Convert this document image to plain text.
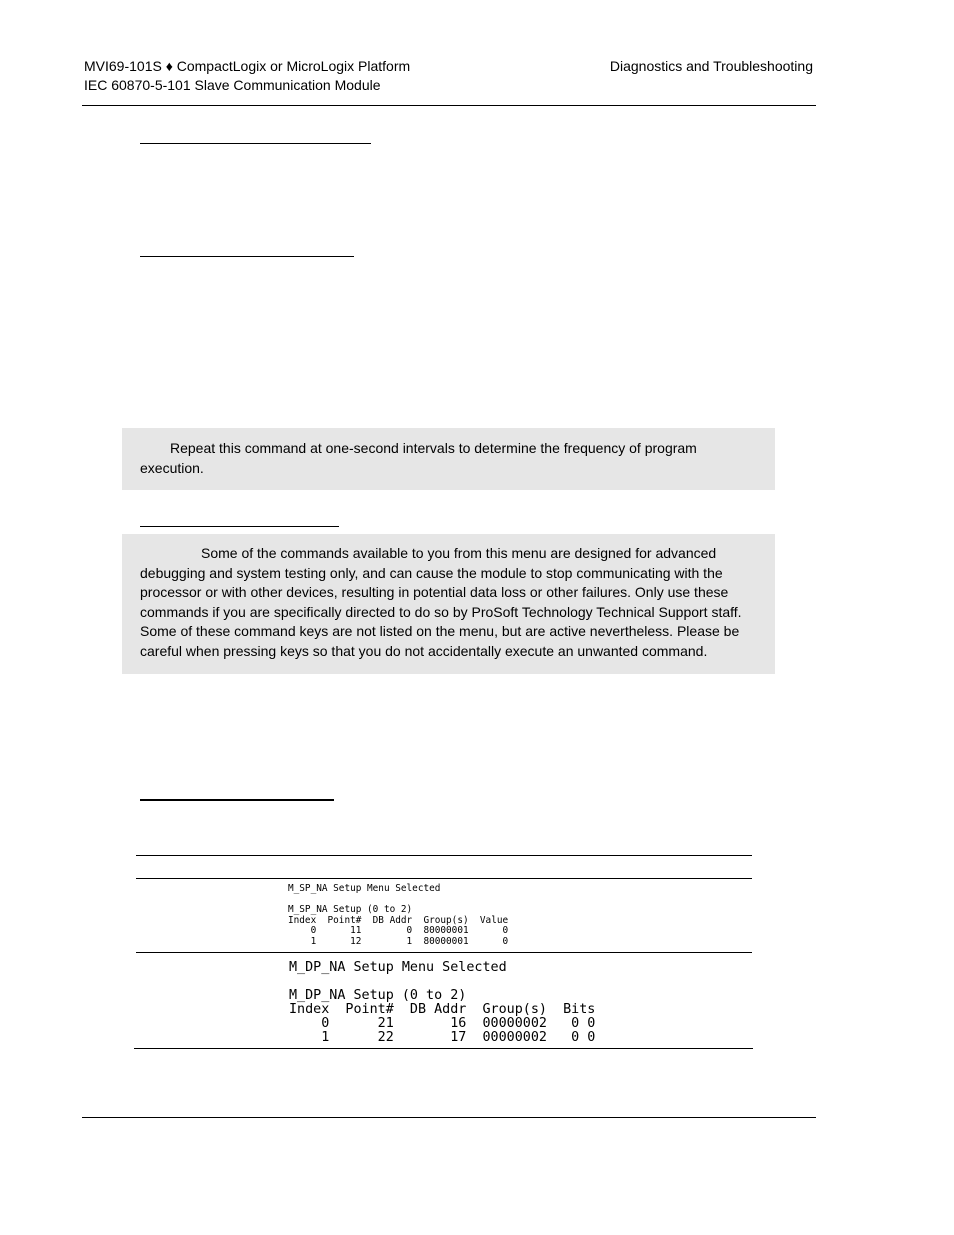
MVI69-101S ♦ CompactLogix or MicroLogix Platform
IEC 60870-5-101 Slave Communication Module
Diagnostics and Troubleshooting
Repeat this command at one-second intervals to determine the frequency of program execution.
Some of the commands available to you from this menu are designed for advanced debugging and system testing only, and can cause the module to stop communicating with the processor or with other devices, resulting in potential data loss or other failures. Only use these commands if you are specifically directed to do so by ProSoft Technology Technical Support staff. Some of these command keys are not listed on the menu, but are active nevertheless. Please be careful when pressing keys so that you do not accidentally execute an unwanted command.
M_SP_NA Setup Menu Selected
M_SP_NA Setup (0 to 2)
Index  Point#  DB Addr  Group(s)  Value
0      11        0  80000001      0
1      12        1  80000001      0
M_DP_NA Setup Menu Selected
M_DP_NA Setup (0 to 2)
Index  Point#  DB Addr  Group(s)  Bits
0      21       16  00000002   0 0
1      22       17  00000002   0 0
